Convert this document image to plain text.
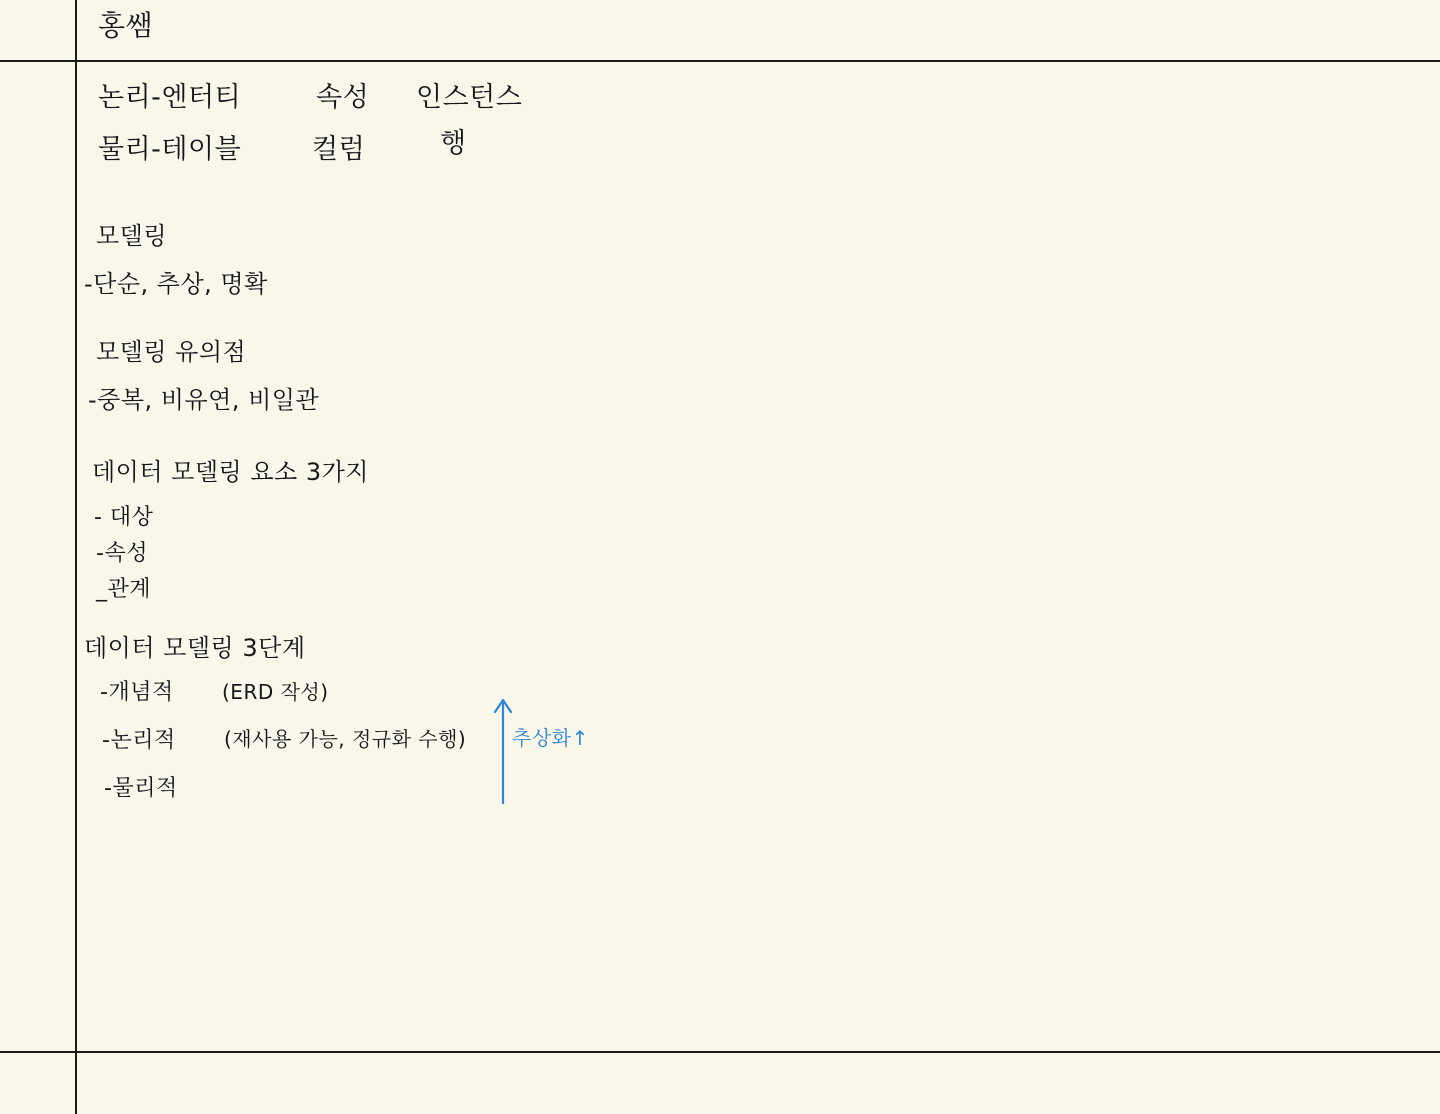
홍쌤
논리-엔터티	속성 인스턴스
물리-테이블	컬럼	행
모델링
-단순, 추상, 명확
모델링 유의점
-중복, 비유연, 비일관
데이터 모델링 요소 3가지
- 대상
-속성
_관계
데이터 모델링 3단계
-개념적 (ERD 작성)
-논리적 (재사용 가능, 정규화 수행)
-물리적
추상화↑
